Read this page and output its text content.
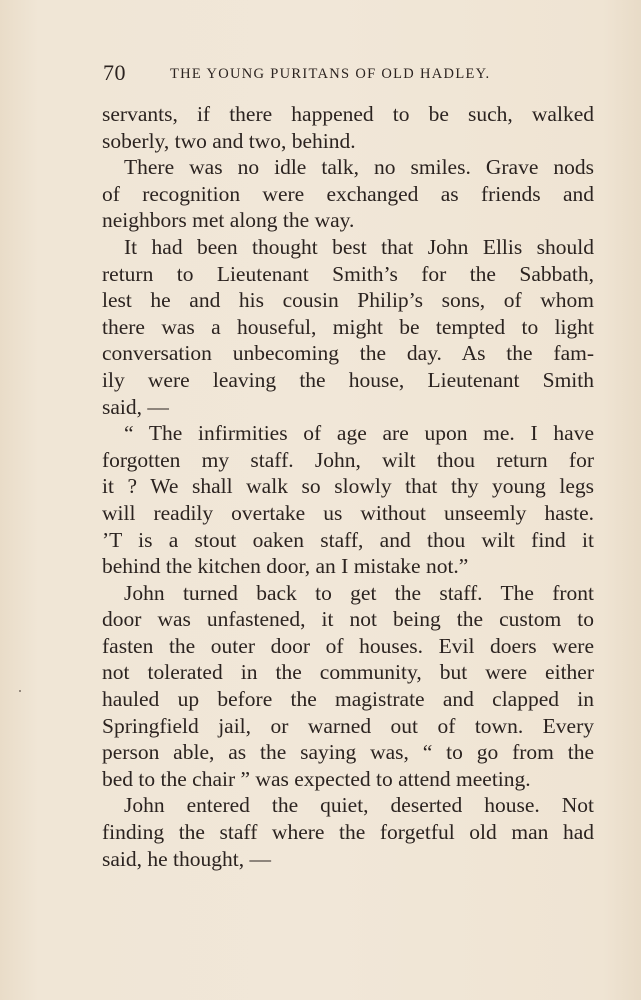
70	THE YOUNG PURITANS OF OLD HADLEY.
servants, if there happened to be such, walked
soberly, two and two, behind.
There was no idle talk, no smiles. Grave nods
of recognition were exchanged as friends and
neighbors met along the way.
It had been thought best that John Ellis should
return to Lieutenant Smith’s for the Sabbath,
lest he and his cousin Philip’s sons, of whom
there was a houseful, might be tempted to light
conversation unbecoming the day. As the fam-
ily were leaving the house, Lieutenant Smith
said, —
“ The infirmities of age are upon me. I have
forgotten my staff. John, wilt thou return for
it ? We shall walk so slowly that thy young legs
will readily overtake us without unseemly haste.
’T is a stout oaken staff, and thou wilt find it
behind the kitchen door, an I mistake not.”
John turned back to get the staff. The front
door was unfastened, it not being the custom to
fasten the outer door of houses. Evil doers were
not tolerated in the community, but were either
hauled up before the magistrate and clapped in
Springfield jail, or warned out of town. Every
person able, as the saying was, “ to go from the
bed to the chair ” was expected to attend meeting.
John entered the quiet, deserted house. Not
finding the staff where the forgetful old man had
said, he thought, —
